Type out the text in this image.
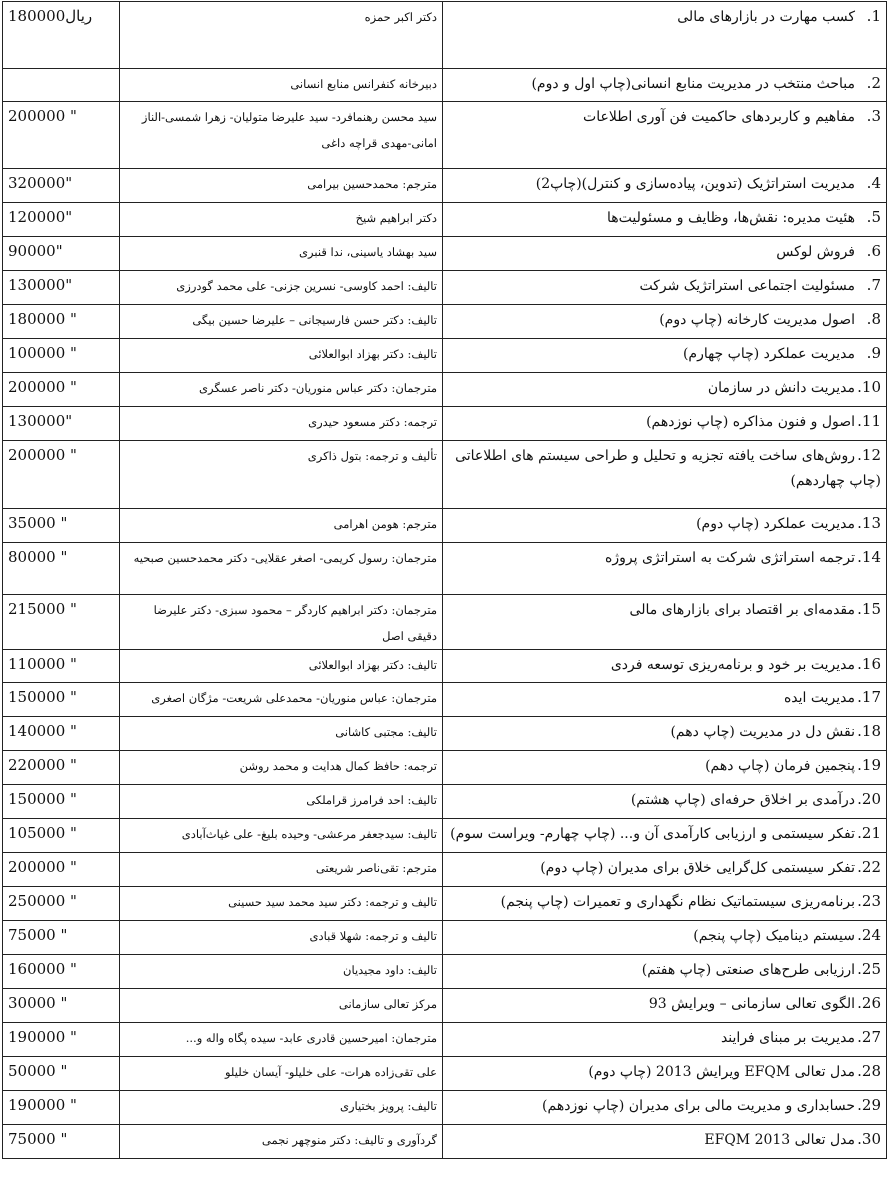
1.کسب مهارت در بازارهای مالی	دکتر اکبر حمزه	180000ریال
2.مباحث منتخب در مدیریت منابع انسانی(چاپ اول و دوم)	دبیرخانه کنفرانس منابع انسانی	
3.مفاهیم و کاربردهای حاکمیت فن آوری اطلاعات	سید محسن رهنمافرد- سید علیرضا متولیان- زهرا شمسی-الناز امانی-مهدی قراچه داغی	200000 "
4.مدیریت استراتژیک (تدوین، پیاده‌سازی و کنترل)(چاپ2)	مترجم: محمدحسین بیرامی	320000"
5.هئیت مدیره: نقش‌ها، وظایف و مسئولیت‌ها	دکتر ابراهیم شیخ	120000"
6.فروش لوکس	سید بهشاد یاسینی، ندا قنبری	90000"
7.مسئولیت اجتماعی استراتژیک شرکت	تالیف: احمد کاوسی- نسرین جزنی- علی محمد گودرزی	130000"
8.اصول مدیریت کارخانه (چاپ دوم)	تالیف: دکتر حسن فارسیجانی – علیرضا حسین بیگی	180000 "
9.مدیریت عملکرد (چاپ چهارم)	تالیف: دکتر بهزاد ابوالعلائی	100000 "
10.مدیریت دانش در سازمان	مترجمان: دکتر عباس منوریان- دکتر ناصر عسگری	200000 "
11.اصول و فنون مذاکره (چاپ نوزدهم)	ترجمه: دکتر مسعود حیدری	130000"
12.روش‌های ساخت یافته تجزیه و تحلیل و طراحی سیستم های اطلاعاتی (چاپ چهاردهم)	تألیف و ترجمه: بتول ذاکری	200000 "
13.مدیریت عملکرد (چاپ دوم)	مترجم: هومن اهرامی	35000 "
14.ترجمه استراتژی شرکت به استراتژی پروژه	مترجمان: رسول کریمی- اصغر عقلایی- دکتر محمدحسین صبحیه	80000 "
15.مقدمه‌ای بر اقتصاد برای بازارهای مالی	مترجمان: دکتر ابراهیم کاردگر – محمود سبزی- دکتر علیرضا دقیقی اصل	215000 "
16.مدیریت بر خود و برنامه‌ریزی توسعه فردی	تالیف: دکتر بهزاد ابوالعلائی	110000 "
17.مدیریت ایده	مترجمان: عباس منوریان- محمدعلی شریعت- مژگان اصغری	150000 "
18.نقش دل در مدیریت (چاپ دهم)	تالیف: مجتبی کاشانی	140000 "
19.پنجمین فرمان (چاپ دهم)	ترجمه: حافظ کمال هدایت و محمد روشن	220000 "
20.درآمدی بر اخلاق حرفه‌ای (چاپ هشتم)	تالیف: احد فرامرز قراملکی	150000 "
21.تفکر سیستمی و ارزیابی کارآمدی آن و... (چاپ چهارم- ویراست سوم)	تالیف: سیدجعفر مرعشی- وحیده بلیغ- علی غیاث‌آبادی	105000 "
22.تفکر سیستمی کل‌گرایی خلاق برای مدیران (چاپ دوم)	مترجم: تقی‌ناصر شریعتی	200000 "
23.برنامه‌ریزی سیستماتیک نظام نگهداری و تعمیرات (چاپ پنجم)	تالیف و ترجمه: دکتر سید محمد سید حسینی	250000 "
24.سیستم دینامیک (چاپ پنجم)	تالیف و ترجمه: شهلا قبادی	75000 "
25.ارزیابی طرح‌های صنعتی (چاپ هفتم)	تالیف: داود مجیدیان	160000 "
26.الگوی تعالی سازمانی – ویرایش 93	مرکز تعالی سازمانی	30000 "
27.مدیریت بر مبنای فرایند	مترجمان: امیرحسین قادری عابد- سیده پگاه واله و...	190000 "
28.مدل تعالی EFQM ویرایش 2013 (چاپ دوم)	علی تقی‌زاده هرات- علی خلیلو- آیسان خلیلو	50000 "
29.حسابداری و مدیریت مالی برای مدیران (چاپ نوزدهم)	تالیف: پرویز بختیاری	190000 "
30.مدل تعالی EFQM 2013	گردآوری و تالیف: دکتر منوچهر نجمی	75000 "
